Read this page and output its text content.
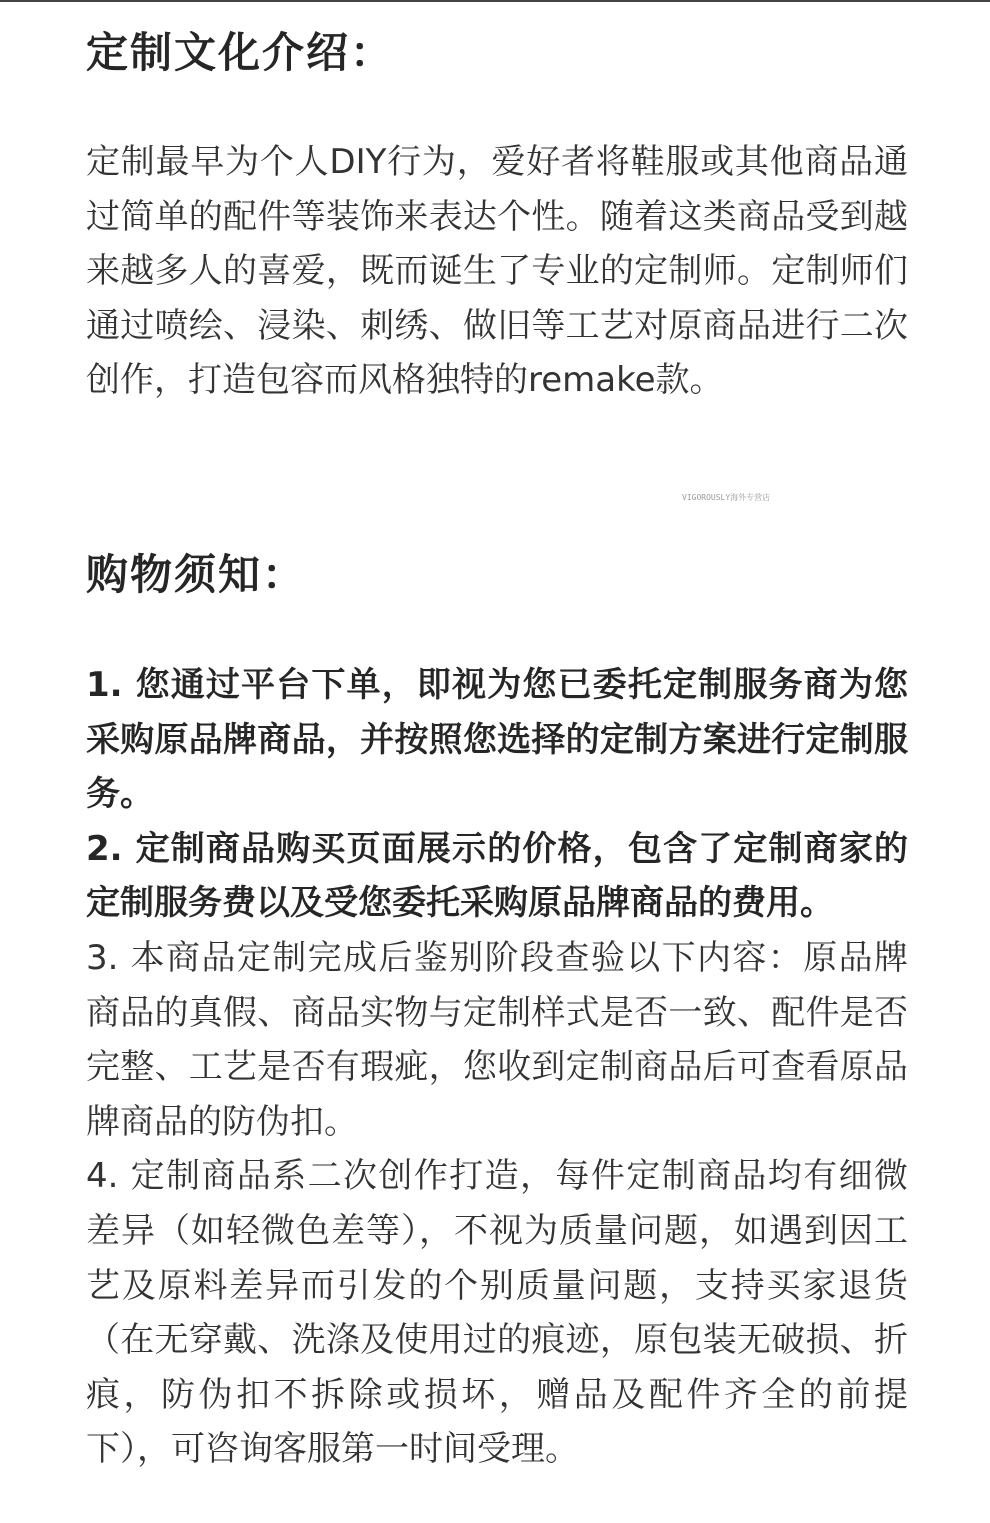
定制文化介绍：

定制最早为个人DIY行为，爱好者将鞋服或其他商品通过简单的配件等装饰来表达个性。随着这类商品受到越来越多人的喜爱，既而诞生了专业的定制师。定制师们通过喷绘、浸染、刺绣、做旧等工艺对原商品进行二次创作，打造包容而风格独特的remake款。

VIGOROUSLY海外专营店
购物须知：

1. 您通过平台下单，即视为您已委托定制服务商为您采购原品牌商品，并按照您选择的定制方案进行定制服务。

2. 定制商品购买页面展示的价格，包含了定制商家的定制服务费以及受您委托采购原品牌商品的费用。

3. 本商品定制完成后鉴别阶段查验以下内容：原品牌商品的真假、商品实物与定制样式是否一致、配件是否完整、工艺是否有瑕疵，您收到定制商品后可查看原品牌商品的防伪扣。

4. 定制商品系二次创作打造，每件定制商品均有细微差异（如轻微色差等），不视为质量问题，如遇到因工艺及原料差异而引发的个别质量问题，支持买家退货（在无穿戴、洗涤及使用过的痕迹，原包装无破损、折痕，防伪扣不拆除或损坏，赠品及配件齐全的前提下），可咨询客服第一时间受理。
